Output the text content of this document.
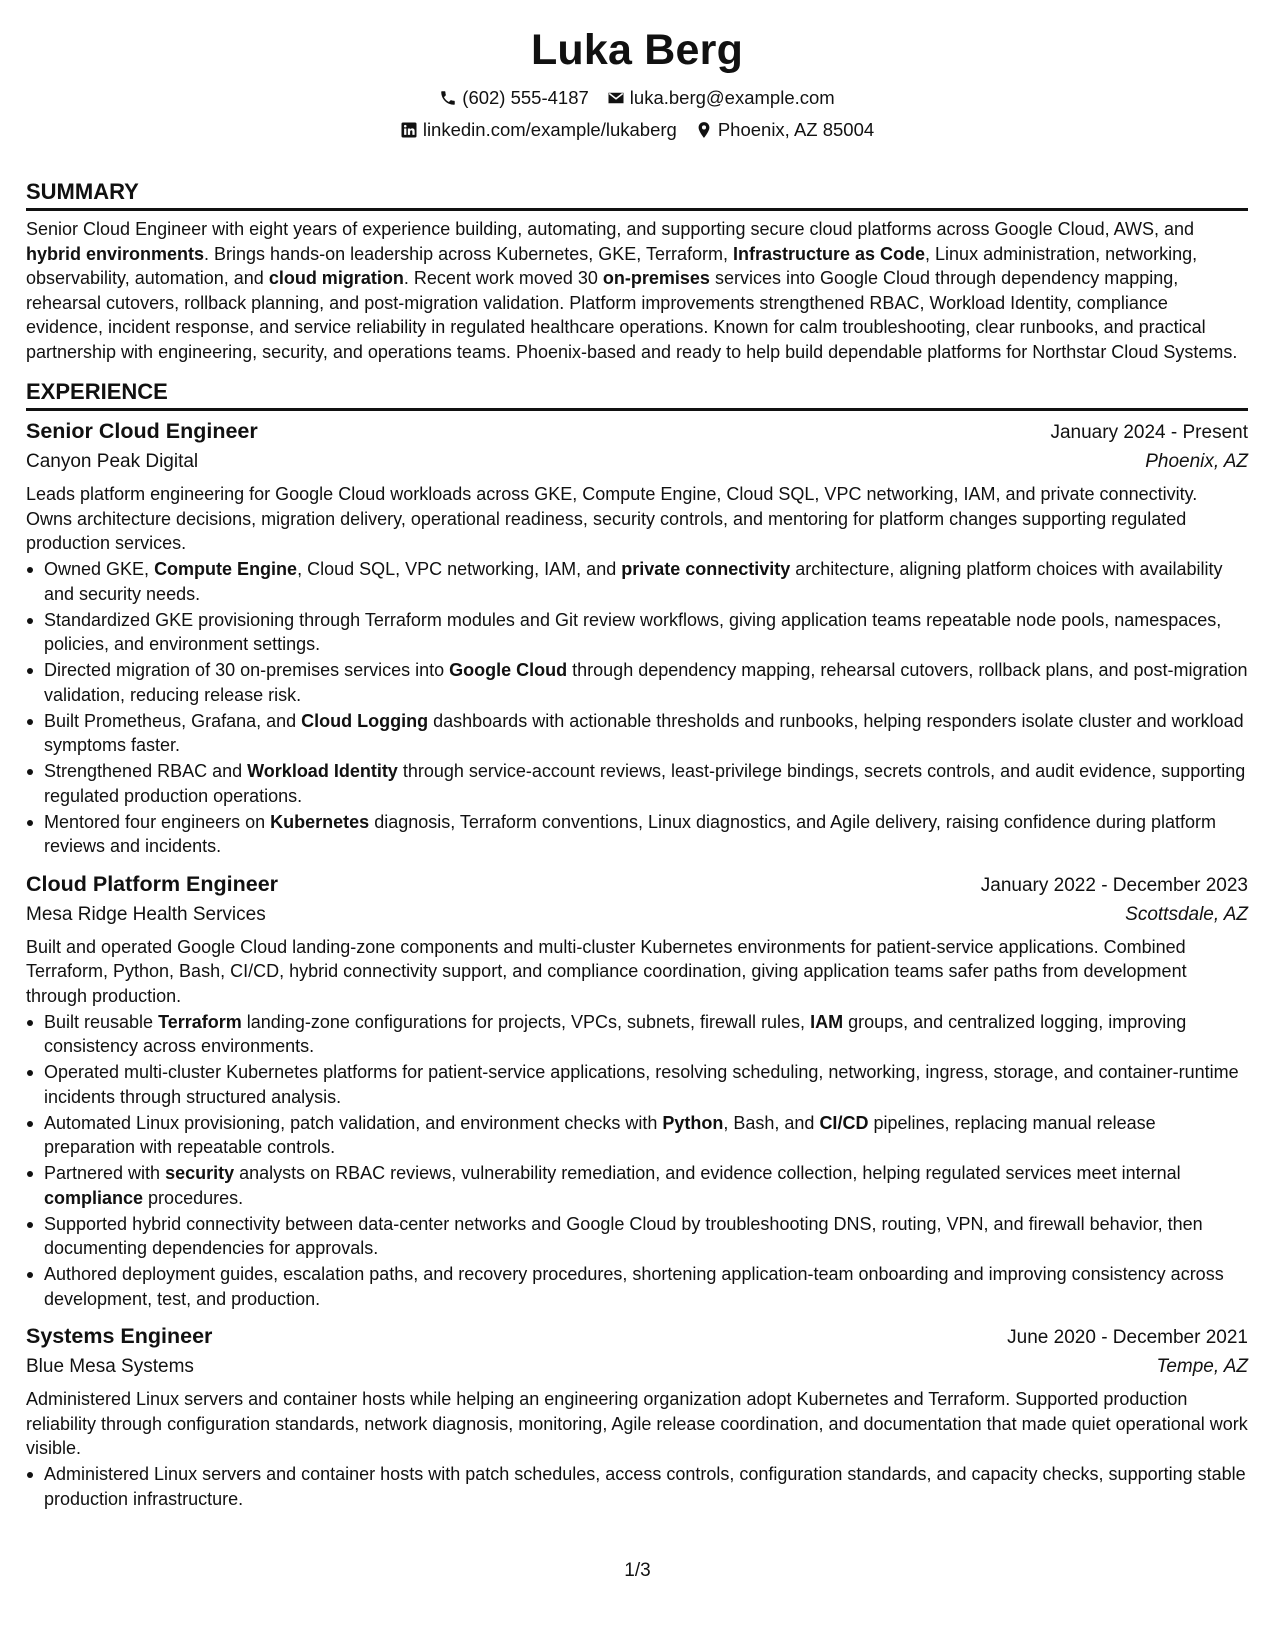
Luka Berg
(602) 555-4187 luka.berg@example.com
linkedin.com/example/lukaberg Phoenix, AZ 85004
SUMMARY

Senior Cloud Engineer with eight years of experience building, automating, and supporting secure cloud platforms across Google Cloud, AWS, and hybrid environments. Brings hands-on leadership across Kubernetes, GKE, Terraform, Infrastructure as Code, Linux administration, networking, observability, automation, and cloud migration. Recent work moved 30 on-premises services into Google Cloud through dependency mapping, rehearsal cutovers, rollback planning, and post-migration validation. Platform improvements strengthened RBAC, Workload Identity, compliance evidence, incident response, and service reliability in regulated healthcare operations. Known for calm troubleshooting, clear runbooks, and practical partnership with engineering, security, and operations teams. Phoenix-based and ready to help build dependable platforms for Northstar Cloud Systems.

EXPERIENCE
Senior Cloud Engineer	January 2024 - Present
Canyon Peak Digital	Phoenix, AZ

Leads platform engineering for Google Cloud workloads across GKE, Compute Engine, Cloud SQL, VPC networking, IAM, and private connectivity. Owns architecture decisions, migration delivery, operational readiness, security controls, and mentoring for platform changes supporting regulated production services.

Owned GKE, Compute Engine, Cloud SQL, VPC networking, IAM, and private connectivity architecture, aligning platform choices with availability and security needs.
Standardized GKE provisioning through Terraform modules and Git review workflows, giving application teams repeatable node pools, namespaces, policies, and environment settings.
Directed migration of 30 on-premises services into Google Cloud through dependency mapping, rehearsal cutovers, rollback plans, and post-migration validation, reducing release risk.
Built Prometheus, Grafana, and Cloud Logging dashboards with actionable thresholds and runbooks, helping responders isolate cluster and workload symptoms faster.
Strengthened RBAC and Workload Identity through service-account reviews, least-privilege bindings, secrets controls, and audit evidence, supporting regulated production operations.
Mentored four engineers on Kubernetes diagnosis, Terraform conventions, Linux diagnostics, and Agile delivery, raising confidence during platform reviews and incidents.
Cloud Platform Engineer	January 2022 - December 2023
Mesa Ridge Health Services	Scottsdale, AZ

Built and operated Google Cloud landing-zone components and multi-cluster Kubernetes environments for patient-service applications. Combined Terraform, Python, Bash, CI/CD, hybrid connectivity support, and compliance coordination, giving application teams safer paths from development through production.

Built reusable Terraform landing-zone configurations for projects, VPCs, subnets, firewall rules, IAM groups, and centralized logging, improving consistency across environments.
Operated multi-cluster Kubernetes platforms for patient-service applications, resolving scheduling, networking, ingress, storage, and container-runtime incidents through structured analysis.
Automated Linux provisioning, patch validation, and environment checks with Python, Bash, and CI/CD pipelines, replacing manual release preparation with repeatable controls.
Partnered with security analysts on RBAC reviews, vulnerability remediation, and evidence collection, helping regulated services meet internal compliance procedures.
Supported hybrid connectivity between data-center networks and Google Cloud by troubleshooting DNS, routing, VPN, and firewall behavior, then documenting dependencies for approvals.
Authored deployment guides, escalation paths, and recovery procedures, shortening application-team onboarding and improving consistency across development, test, and production.
Systems Engineer	June 2020 - December 2021
Blue Mesa Systems	Tempe, AZ

Administered Linux servers and container hosts while helping an engineering organization adopt Kubernetes and Terraform. Supported production reliability through configuration standards, network diagnosis, monitoring, Agile release coordination, and documentation that made quiet operational work visible.

Administered Linux servers and container hosts with patch schedules, access controls, configuration standards, and capacity checks, supporting stable production infrastructure.
1/3
